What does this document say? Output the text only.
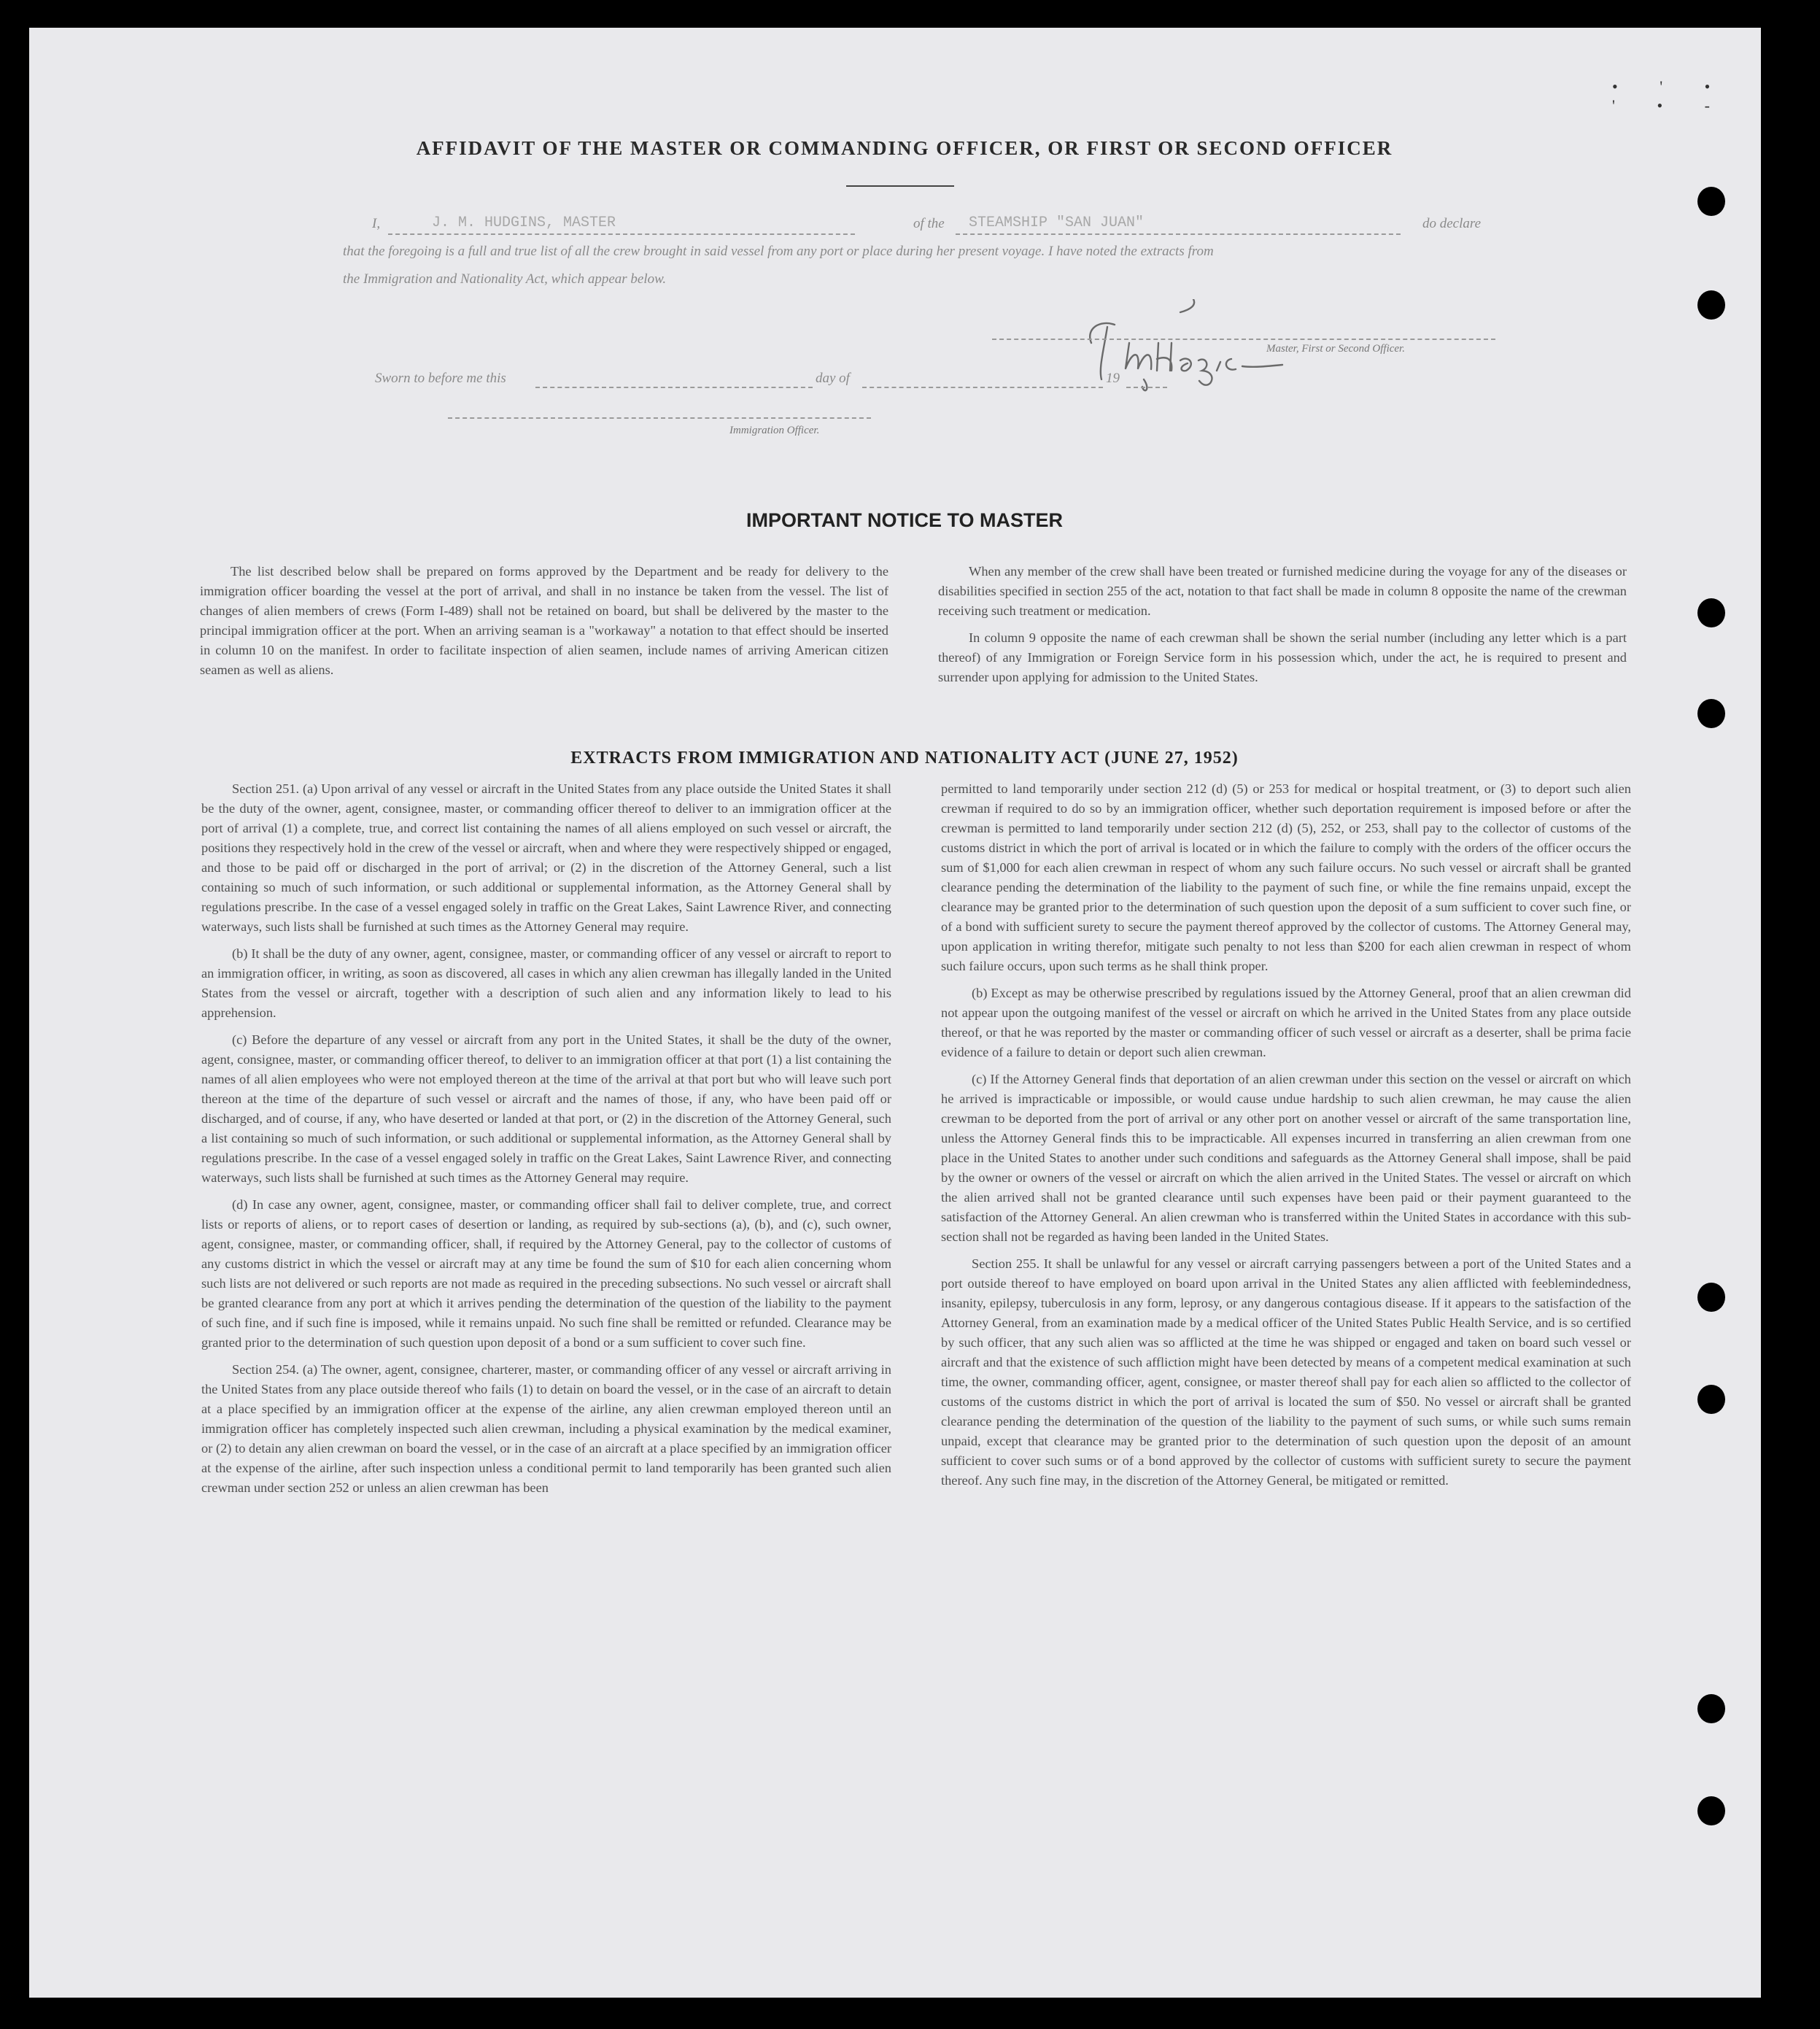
• ' • ' • -
AFFIDAVIT OF THE MASTER OR COMMANDING OFFICER, OR FIRST OR SECOND OFFICER
I,	J. M. HUDGINS, MASTER	of the STEAMSHIP "SAN JUAN"	do declare
that the foregoing is a full and true list of all the crew brought in said vessel from any port or place during her present voyage. I have noted the extracts from
the Immigration and Nationality Act, which appear below.
Master, First or Second Officer.
Sworn to before me this	day of	19
Immigration Officer.
IMPORTANT NOTICE TO MASTER

The list described below shall be prepared on forms approved by the Department and be ready for delivery to the immigration officer boarding the vessel at the port of arrival, and shall in no instance be taken from the vessel. The list of changes of alien members of crews (Form I-489) shall not be retained on board, but shall be delivered by the master to the principal immigration officer at the port. When an arriving seaman is a "workaway" a notation to that effect should be inserted in column 10 on the manifest. In order to facilitate inspection of alien seamen, include names of arriving American citizen seamen as well as aliens.

When any member of the crew shall have been treated or furnished medicine during the voyage for any of the diseases or disabilities specified in section 255 of the act, notation to that fact shall be made in column 8 opposite the name of the crewman receiving such treatment or medication.

In column 9 opposite the name of each crewman shall be shown the serial number (including any letter which is a part thereof) of any Immigration or Foreign Service form in his possession which, under the act, he is required to present and surrender upon applying for admission to the United States.

EXTRACTS FROM IMMIGRATION AND NATIONALITY ACT (JUNE 27, 1952)

Section 251. (a) Upon arrival of any vessel or aircraft in the United States from any place outside the United States it shall be the duty of the owner, agent, consignee, master, or commanding officer thereof to deliver to an immigration officer at the port of arrival (1) a complete, true, and correct list containing the names of all aliens employed on such vessel or aircraft, the positions they respectively hold in the crew of the vessel or aircraft, when and where they were respectively shipped or engaged, and those to be paid off or discharged in the port of arrival; or (2) in the discretion of the Attorney General, such a list containing so much of such information, or such additional or supplemental information, as the Attorney General shall by regulations prescribe. In the case of a vessel engaged solely in traffic on the Great Lakes, Saint Lawrence River, and connecting waterways, such lists shall be furnished at such times as the Attorney General may require.

(b) It shall be the duty of any owner, agent, consignee, master, or commanding officer of any vessel or aircraft to report to an immigration officer, in writing, as soon as discovered, all cases in which any alien crewman has illegally landed in the United States from the vessel or aircraft, together with a description of such alien and any information likely to lead to his apprehension.

(c) Before the departure of any vessel or aircraft from any port in the United States, it shall be the duty of the owner, agent, consignee, master, or commanding officer thereof, to deliver to an immigration officer at that port (1) a list containing the names of all alien employees who were not employed thereon at the time of the arrival at that port but who will leave such port thereon at the time of the departure of such vessel or aircraft and the names of those, if any, who have been paid off or discharged, and of course, if any, who have deserted or landed at that port, or (2) in the discretion of the Attorney General, such a list containing so much of such information, or such additional or supplemental information, as the Attorney General shall by regulations prescribe. In the case of a vessel engaged solely in traffic on the Great Lakes, Saint Lawrence River, and connecting waterways, such lists shall be furnished at such times as the Attorney General may require.

(d) In case any owner, agent, consignee, master, or commanding officer shall fail to deliver complete, true, and correct lists or reports of aliens, or to report cases of desertion or landing, as required by sub-sections (a), (b), and (c), such owner, agent, consignee, master, or commanding officer, shall, if required by the Attorney General, pay to the collector of customs of any customs district in which the vessel or aircraft may at any time be found the sum of $10 for each alien concerning whom such lists are not delivered or such reports are not made as required in the preceding subsections. No such vessel or aircraft shall be granted clearance from any port at which it arrives pending the determination of the question of the liability to the payment of such fine, and if such fine is imposed, while it remains unpaid. No such fine shall be remitted or refunded. Clearance may be granted prior to the determination of such question upon deposit of a bond or a sum sufficient to cover such fine.

Section 254. (a) The owner, agent, consignee, charterer, master, or commanding officer of any vessel or aircraft arriving in the United States from any place outside thereof who fails (1) to detain on board the vessel, or in the case of an aircraft to detain at a place specified by an immigration officer at the expense of the airline, any alien crewman employed thereon until an immigration officer has completely inspected such alien crewman, including a physical examination by the medical examiner, or (2) to detain any alien crewman on board the vessel, or in the case of an aircraft at a place specified by an immigration officer at the expense of the airline, after such inspection unless a conditional permit to land temporarily has been granted such alien crewman under section 252 or unless an alien crewman has been

permitted to land temporarily under section 212 (d) (5) or 253 for medical or hospital treatment, or (3) to deport such alien crewman if required to do so by an immigration officer, whether such deportation requirement is imposed before or after the crewman is permitted to land temporarily under section 212 (d) (5), 252, or 253, shall pay to the collector of customs of the customs district in which the port of arrival is located or in which the failure to comply with the orders of the officer occurs the sum of $1,000 for each alien crewman in respect of whom any such failure occurs. No such vessel or aircraft shall be granted clearance pending the determination of the liability to the payment of such fine, or while the fine remains unpaid, except the clearance may be granted prior to the determination of such question upon the deposit of a sum sufficient to cover such fine, or of a bond with sufficient surety to secure the payment thereof approved by the collector of customs. The Attorney General may, upon application in writing therefor, mitigate such penalty to not less than $200 for each alien crewman in respect of whom such failure occurs, upon such terms as he shall think proper.

(b) Except as may be otherwise prescribed by regulations issued by the Attorney General, proof that an alien crewman did not appear upon the outgoing manifest of the vessel or aircraft on which he arrived in the United States from any place outside thereof, or that he was reported by the master or commanding officer of such vessel or aircraft as a deserter, shall be prima facie evidence of a failure to detain or deport such alien crewman.

(c) If the Attorney General finds that deportation of an alien crewman under this section on the vessel or aircraft on which he arrived is impracticable or impossible, or would cause undue hardship to such alien crewman, he may cause the alien crewman to be deported from the port of arrival or any other port on another vessel or aircraft of the same transportation line, unless the Attorney General finds this to be impracticable. All expenses incurred in transferring an alien crewman from one place in the United States to another under such conditions and safeguards as the Attorney General shall impose, shall be paid by the owner or owners of the vessel or aircraft on which the alien arrived in the United States. The vessel or aircraft on which the alien arrived shall not be granted clearance until such expenses have been paid or their payment guaranteed to the satisfaction of the Attorney General. An alien crewman who is transferred within the United States in accordance with this sub-section shall not be regarded as having been landed in the United States.

Section 255. It shall be unlawful for any vessel or aircraft carrying passengers between a port of the United States and a port outside thereof to have employed on board upon arrival in the United States any alien afflicted with feeblemindedness, insanity, epilepsy, tuberculosis in any form, leprosy, or any dangerous contagious disease. If it appears to the satisfaction of the Attorney General, from an examination made by a medical officer of the United States Public Health Service, and is so certified by such officer, that any such alien was so afflicted at the time he was shipped or engaged and taken on board such vessel or aircraft and that the existence of such affliction might have been detected by means of a competent medical examination at such time, the owner, commanding officer, agent, consignee, or master thereof shall pay for each alien so afflicted to the collector of customs of the customs district in which the port of arrival is located the sum of $50. No vessel or aircraft shall be granted clearance pending the determination of the question of the liability to the payment of such sums, or while such sums remain unpaid, except that clearance may be granted prior to the determination of such question upon the deposit of an amount sufficient to cover such sums or of a bond approved by the collector of customs with sufficient surety to secure the payment thereof. Any such fine may, in the discretion of the Attorney General, be mitigated or remitted.
